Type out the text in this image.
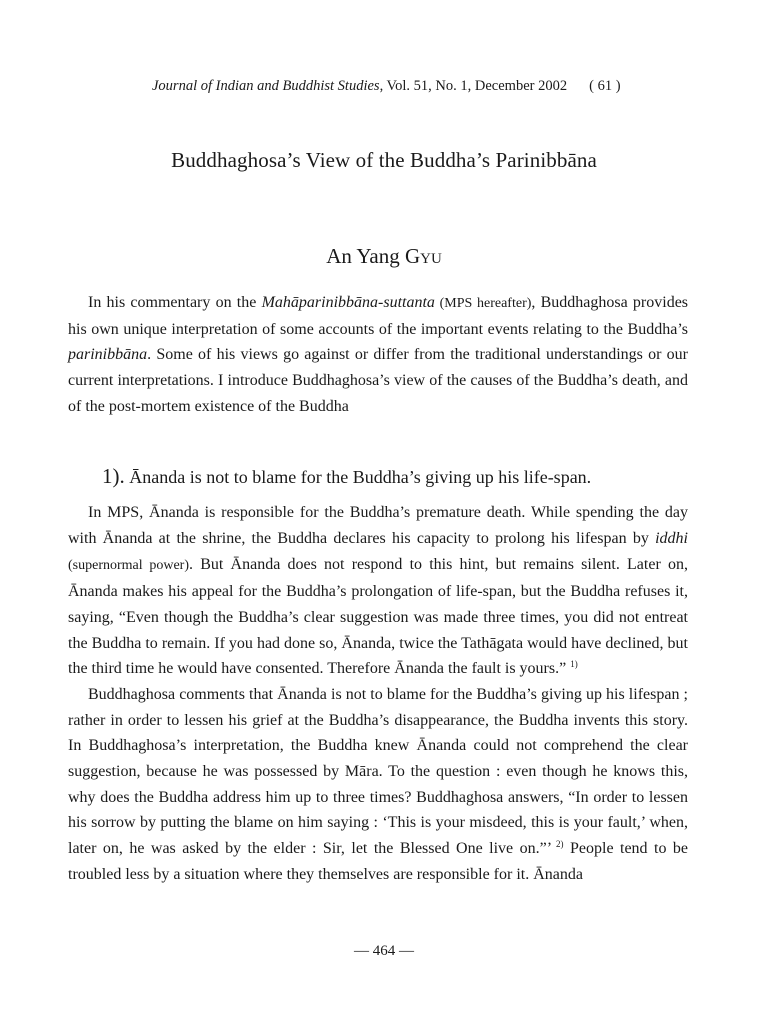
Journal of Indian and Buddhist Studies, Vol. 51, No. 1, December 2002 ( 61 )
Buddhaghosa’s View of the Buddha’s Parinibbāna
An Yang Gyu

In his commentary on the Mahāparinibbāna-suttanta (MPS hereafter), Buddhaghosa provides his own unique interpretation of some accounts of the important events relating to the Buddha’s parinibbāna. Some of his views go against or differ from the traditional understandings or our current interpretations. I introduce Buddhaghosa’s view of the causes of the Buddha’s death, and of the post-mortem existence of the Buddha

1). Ānanda is not to blame for the Buddha’s giving up his life-span.

In MPS, Ānanda is responsible for the Buddha’s premature death. While spending the day with Ānanda at the shrine, the Buddha declares his capacity to prolong his lifespan by iddhi (supernormal power). But Ānanda does not respond to this hint, but remains silent. Later on, Ānanda makes his appeal for the Buddha’s prolongation of life-span, but the Buddha refuses it, saying, “Even though the Buddha’s clear suggestion was made three times, you did not entreat the Buddha to remain. If you had done so, Ānanda, twice the Tathāgata would have declined, but the third time he would have consented. Therefore Ānanda the fault is yours.” $^{1)}$

Buddhaghosa comments that Ānanda is not to blame for the Buddha’s giving up his lifespan ; rather in order to lessen his grief at the Buddha’s disappearance, the Buddha invents this story. In Buddhaghosa’s interpretation, the Buddha knew Ānanda could not comprehend the clear suggestion, because he was possessed by Māra. To the question : even though he knows this, why does the Buddha address him up to three times? Buddhaghosa answers, “In order to lessen his sorrow by putting the blame on him saying : ‘This is your misdeed, this is your fault,’ when, later on, he was asked by the elder : Sir, let the Blessed One live on.”’ $^{2)}$ People tend to be troubled less by a situation where they themselves are responsible for it. Ānanda

— 464 —
